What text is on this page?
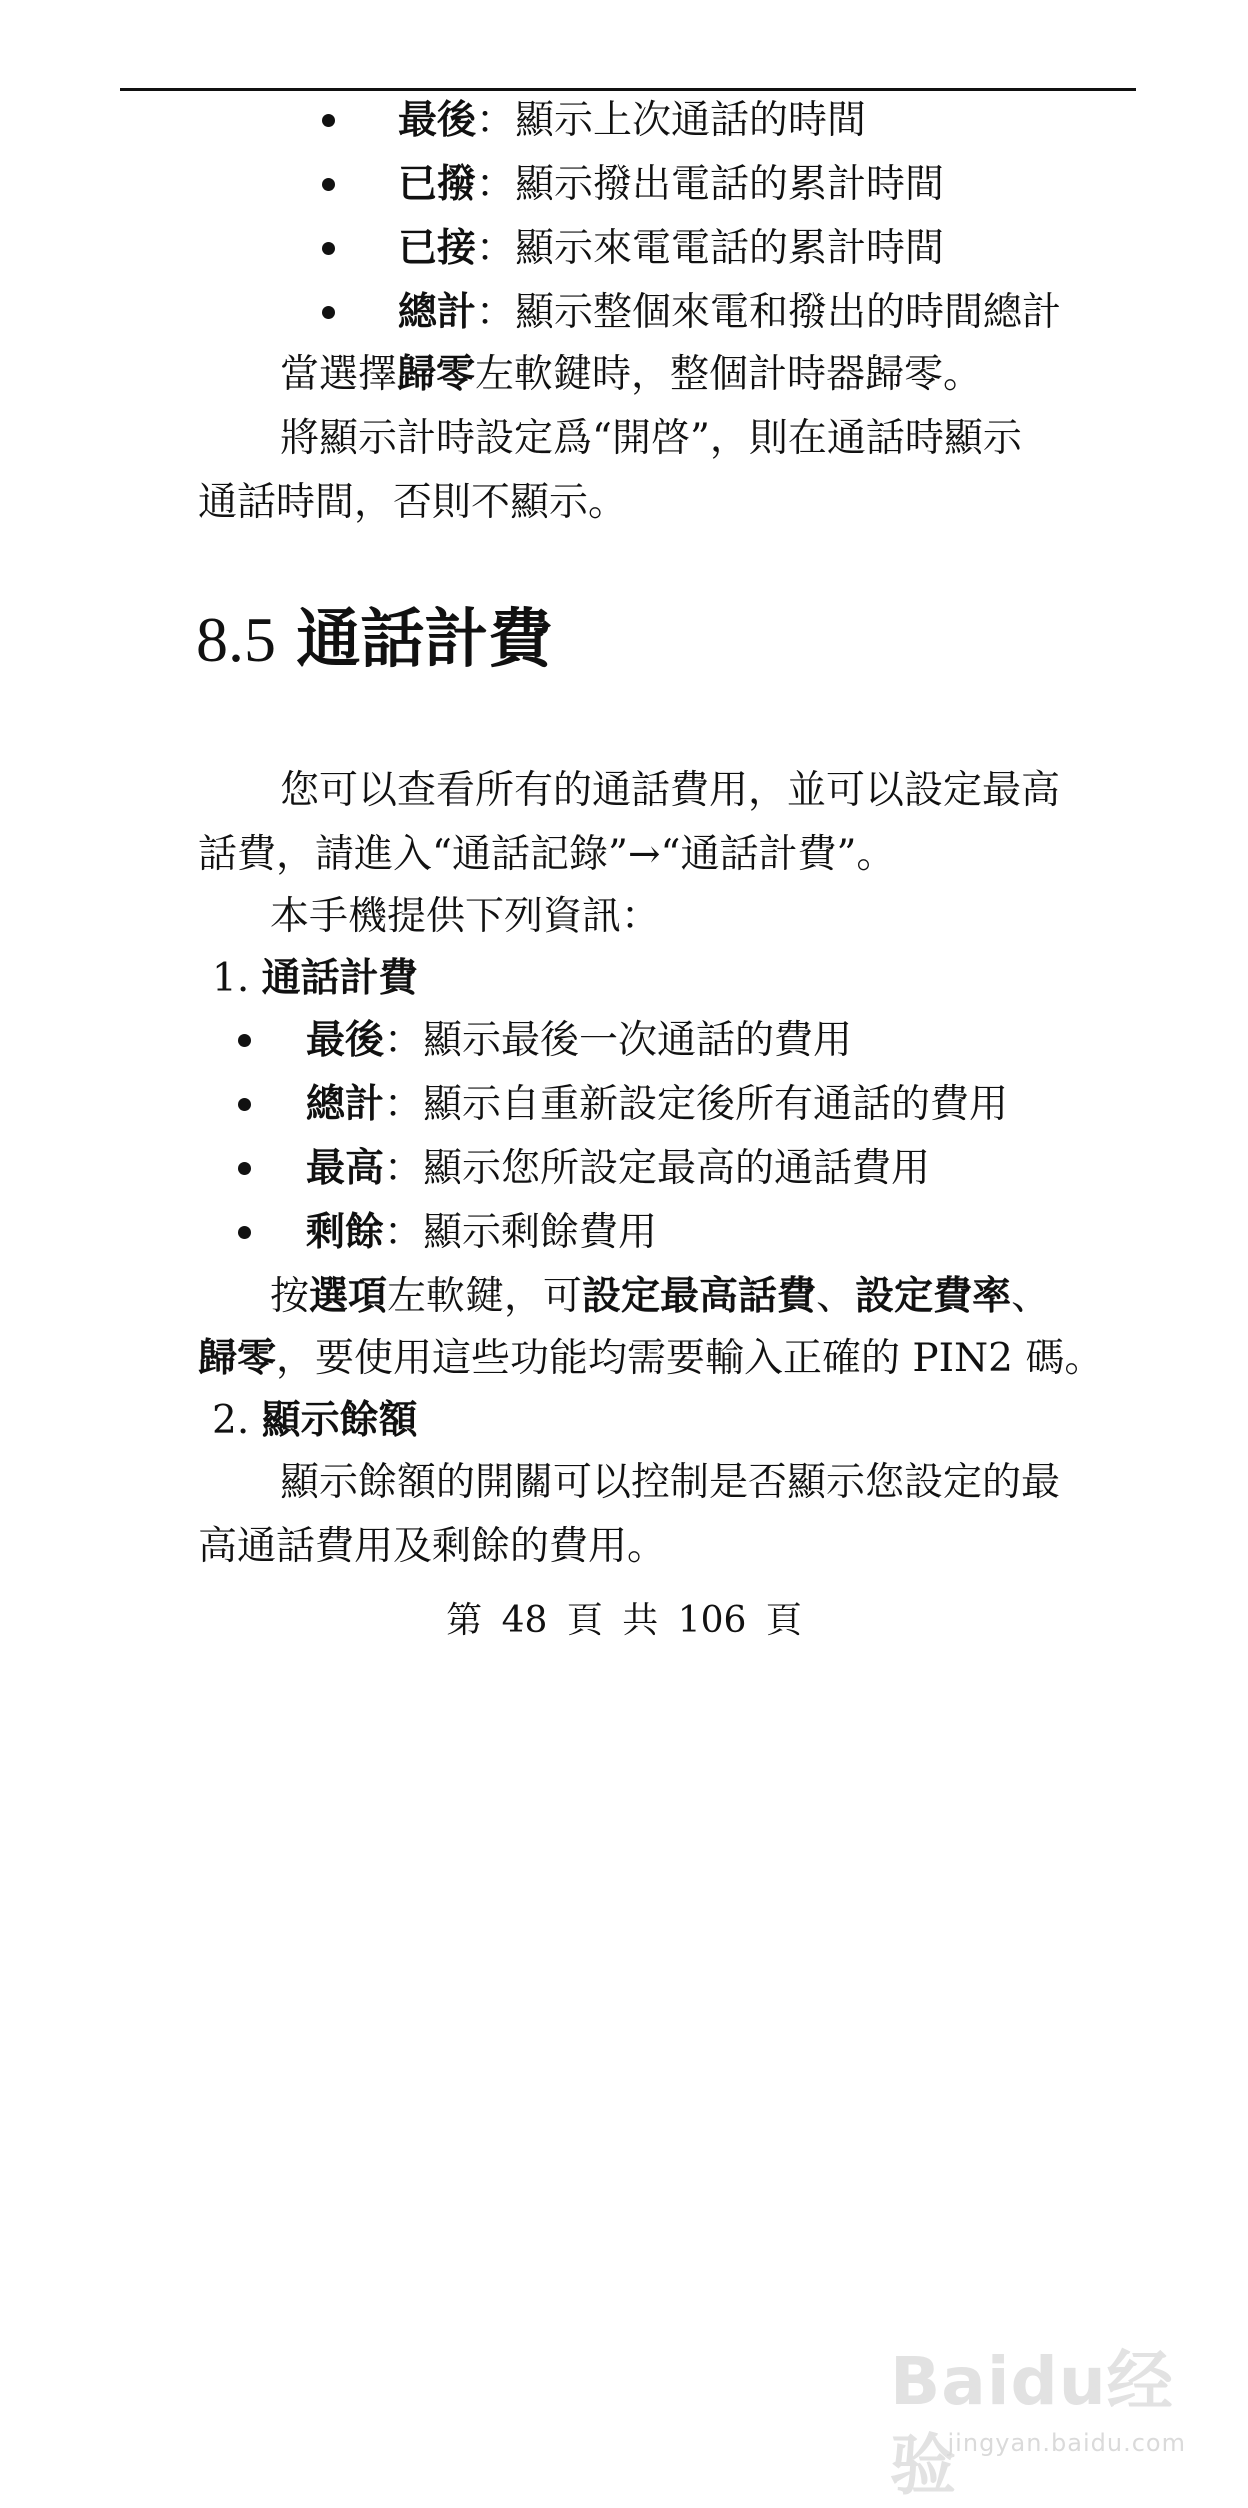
最後：顯示上次通話的時間
已撥：顯示撥出電話的累計時間
已接：顯示來電電話的累計時間
總計：顯示整個來電和撥出的時間總計
當選擇歸零左軟鍵時，整個計時器歸零。
將顯示計時設定爲“開啓”，則在通話時顯示
通話時間，否則不顯示。
8.5 通話計費
您可以查看所有的通話費用，並可以設定最高
話費，請進入“通話記錄”→“通話計費”。
本手機提供下列資訊：
1. 通話計費
最後：顯示最後一次通話的費用
總計：顯示自重新設定後所有通話的費用
最高：顯示您所設定最高的通話費用
剩餘：顯示剩餘費用
按選項左軟鍵，可設定最高話費、設定費率、
歸零，要使用這些功能均需要輸入正確的 PIN2 碼。
2. 顯示餘額
顯示餘額的開關可以控制是否顯示您設定的最
高通話費用及剩餘的費用。
第 48 頁 共 106 頁
Baidu经验
jingyan.baidu.com
